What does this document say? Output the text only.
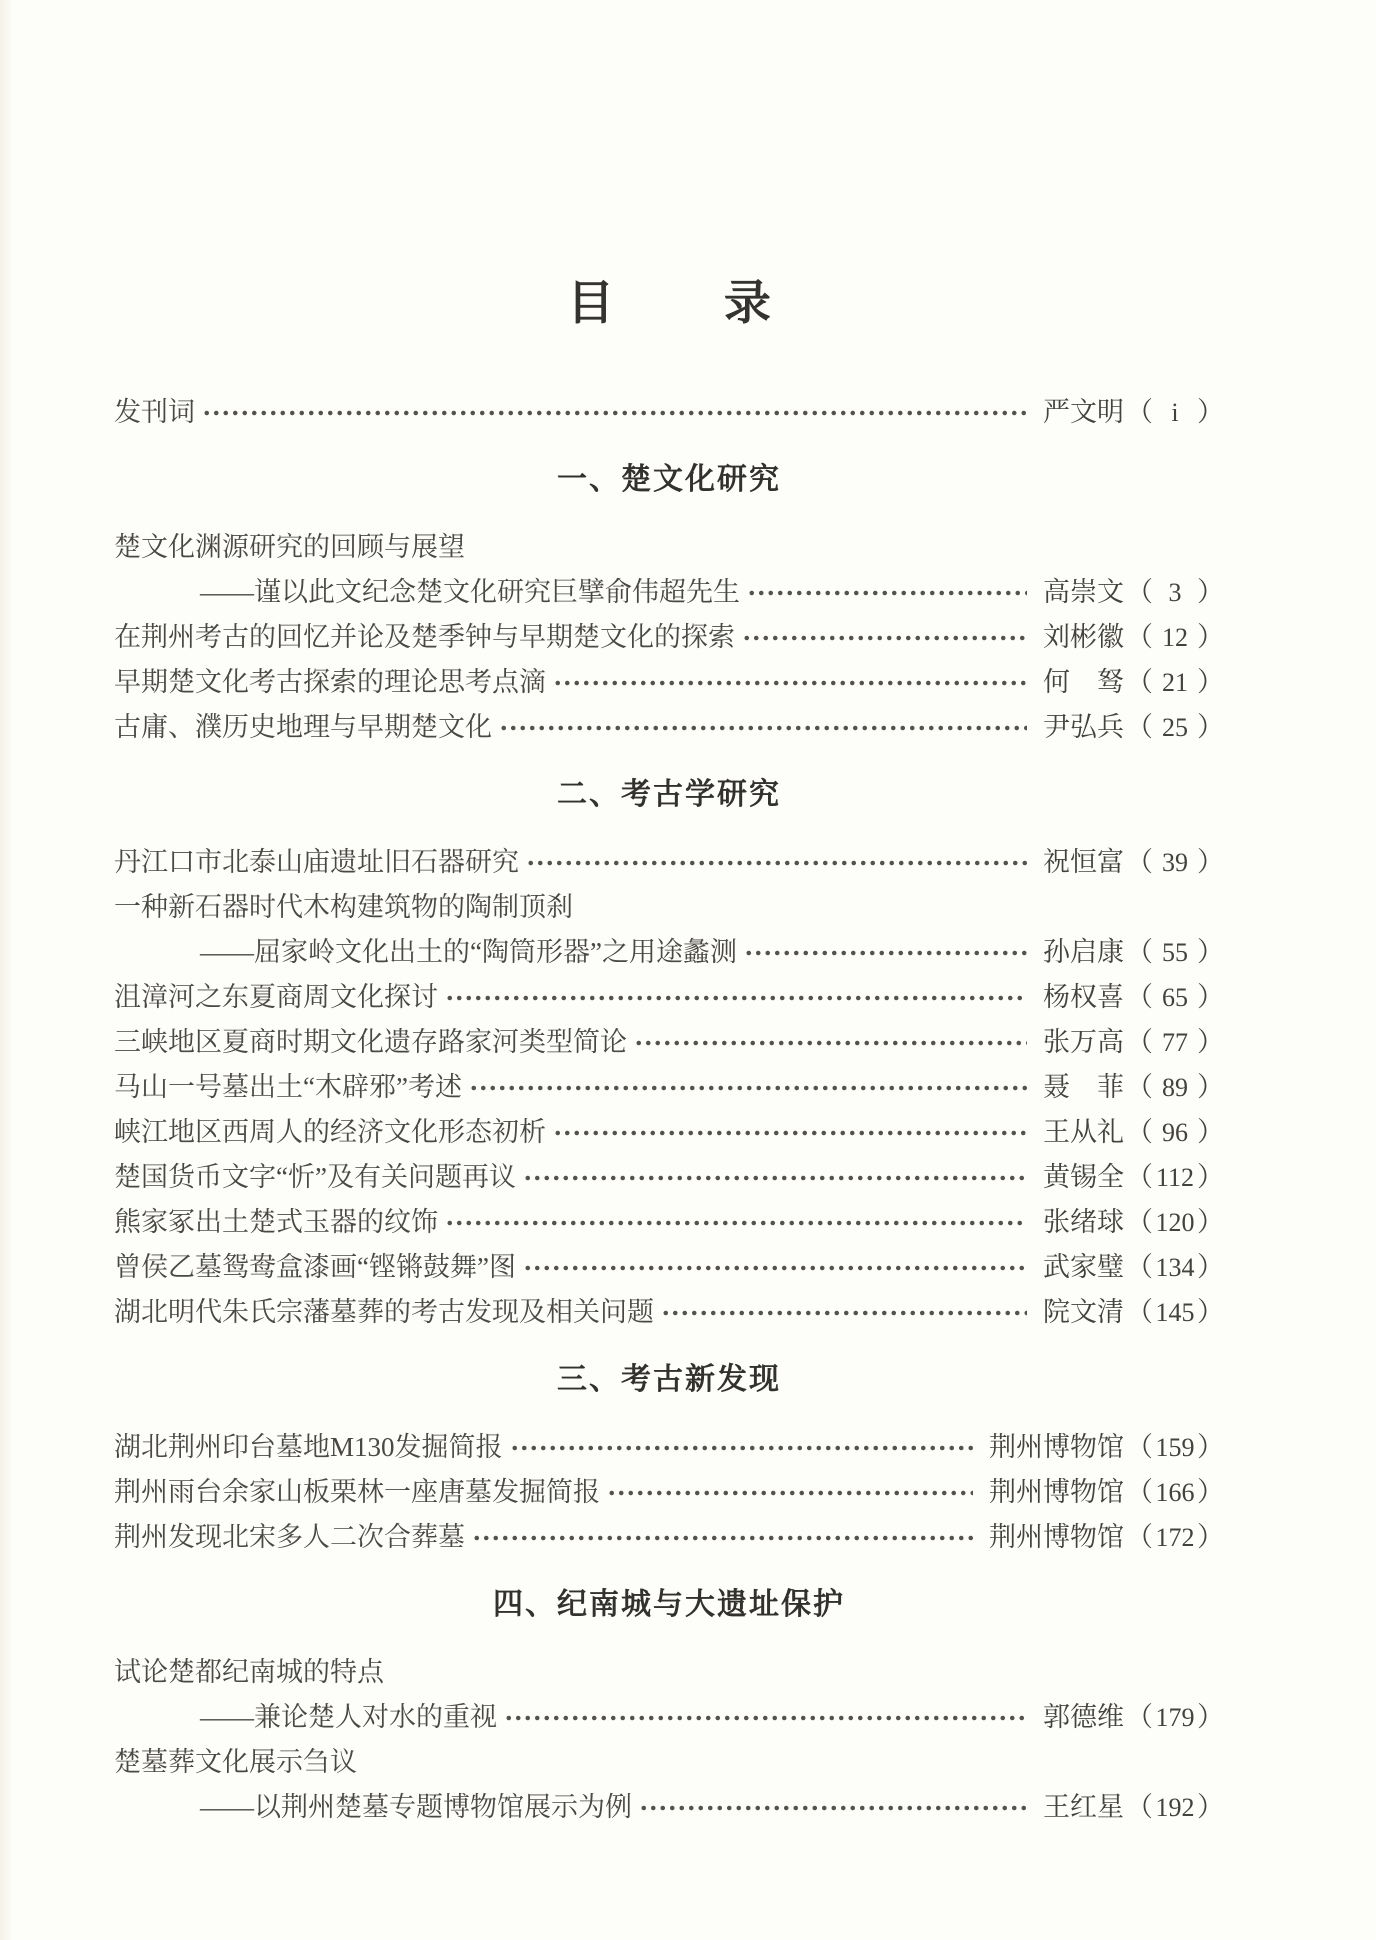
目 录
发刊词	严文明 （ i ）
一、楚文化研究
楚文化渊源研究的回顾与展望
——谨以此文纪念楚文化研究巨擘俞伟超先生	高崇文 （ 3 ）
在荆州考古的回忆并论及楚季钟与早期楚文化的探索	刘彬徽 （ 12 ）
早期楚文化考古探索的理论思考点滴	何　驽 （ 21 ）
古庸、濮历史地理与早期楚文化	尹弘兵 （ 25 ）
二、考古学研究
丹江口市北泰山庙遗址旧石器研究	祝恒富 （ 39 ）
一种新石器时代木构建筑物的陶制顶刹
——屈家岭文化出土的“陶筒形器”之用途蠡测	孙启康 （ 55 ）
沮漳河之东夏商周文化探讨	杨权喜 （ 65 ）
三峡地区夏商时期文化遗存路家河类型简论	张万高 （ 77 ）
马山一号墓出土“木辟邪”考述	聂　菲 （ 89 ）
峡江地区西周人的经济文化形态初析	王从礼 （ 96 ）
楚国货币文字“忻”及有关问题再议	黄锡全 （ 112 ）
熊家冢出土楚式玉器的纹饰	张绪球 （120）
曾侯乙墓鸳鸯盒漆画“铿锵鼓舞”图	武家璧 （134）
湖北明代朱氏宗藩墓葬的考古发现及相关问题	院文清 （145）
三、考古新发现
湖北荆州印台墓地M130发掘简报	荆州博物馆 （159）
荆州雨台余家山板栗林一座唐墓发掘简报	荆州博物馆 （166）
荆州发现北宋多人二次合葬墓	荆州博物馆 （172）
四、纪南城与大遗址保护
试论楚都纪南城的特点
——兼论楚人对水的重视	郭德维 （179）
楚墓葬文化展示刍议
——以荆州楚墓专题博物馆展示为例	王红星 （192）
